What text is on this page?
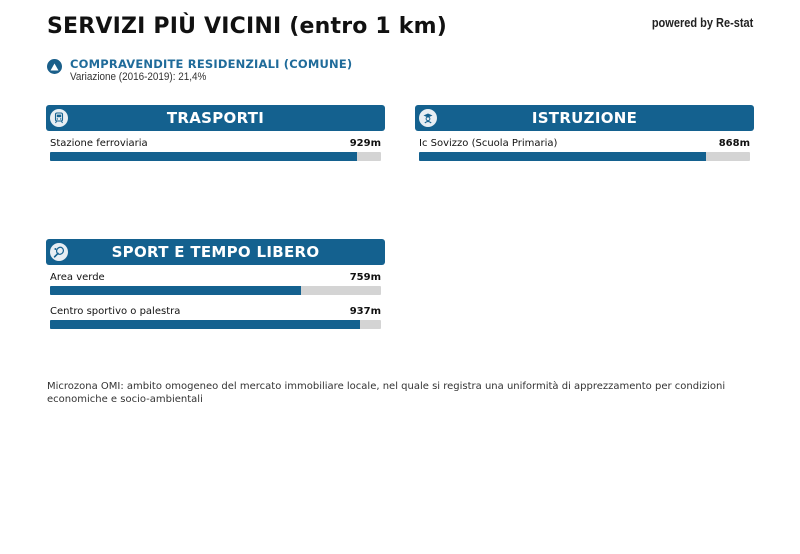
SERVIZI PIÙ VICINI (entro 1 km)	powered by Re-stat
COMPRAVENDITE RESIDENZIALI (COMUNE)
Variazione (2016-2019): 21,4%
TRASPORTI
Stazione ferroviaria	929m
ISTRUZIONE
Ic Sovizzo (Scuola Primaria)	868m
SPORT E TEMPO LIBERO
Area verde	759m
Centro sportivo o palestra	937m
Microzona OMI: ambito omogeneo del mercato immobiliare locale, nel quale si registra una uniformità di apprezzamento per condizioni economiche e socio-ambientali
